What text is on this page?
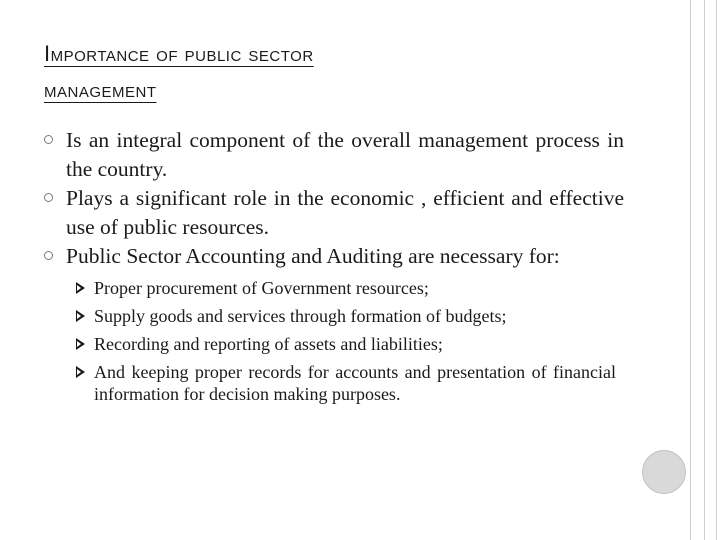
Importance of public sector
management
Is an integral component of the overall management process in the country.
Plays a significant role in the economic , efficient and effective use of public resources.
Public Sector Accounting and Auditing are necessary for:
Proper procurement of Government resources;
Supply goods and services through formation of budgets;
Recording and reporting of assets and liabilities;
And keeping proper records for accounts and presentation of financial information for decision making purposes.
